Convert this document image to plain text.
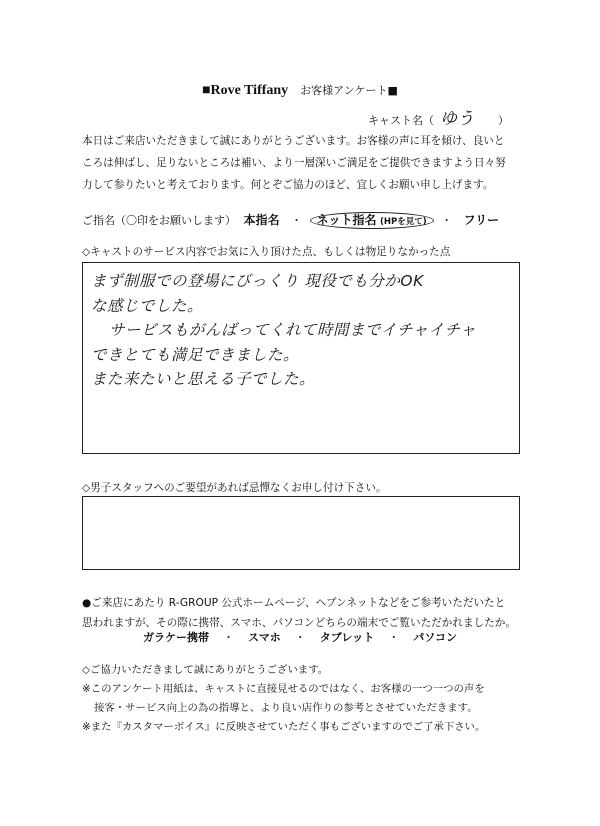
■Rove Tiffany お客様アンケート■
キャスト名（ ゆう ）
本日はご来店いただきまして誠にありがとうございます。お客様の声に耳を傾け、良いと
ころは伸ばし、足りないところは補い、より一層深いご満足をご提供できますよう日々努
力して参りたいと考えております。何とぞご協力のほど、宜しくお願い申し上げます。
ご指名（〇印をお願いします） 本指名 ・ ネット指名 (HPを見て) ・ フリー
◇キャストのサービス内容でお気に入り頂けた点、もしくは物足りなかった点
まず制服での登場にびっくり 現役でも分かOK
な感じでした。
サービスもがんばってくれて時間までイチャイチャ
できとても満足できました。
また来たいと思える子でした。
◇男子スタッフへのご要望があれば忌憚なくお申し付け下さい。
●ご来店にあたり R-GROUP 公式ホームページ、ヘブンネットなどをご参考いただいたと
思われますが、その際に携帯、スマホ、パソコンどちらの端末でご覧いただかれましたか。
ガラケー携帯 ・ スマホ ・ タブレット ・ パソコン
◇ご協力いただきまして誠にありがとうございます。
※このアンケート用紙は、キャストに直接見せるのではなく、お客様の一つ一つの声を
接客・サービス向上の為の指導と、より良い店作りの参考とさせていただきます。
※また『カスタマーボイス』に反映させていただく事もございますのでご了承下さい。
